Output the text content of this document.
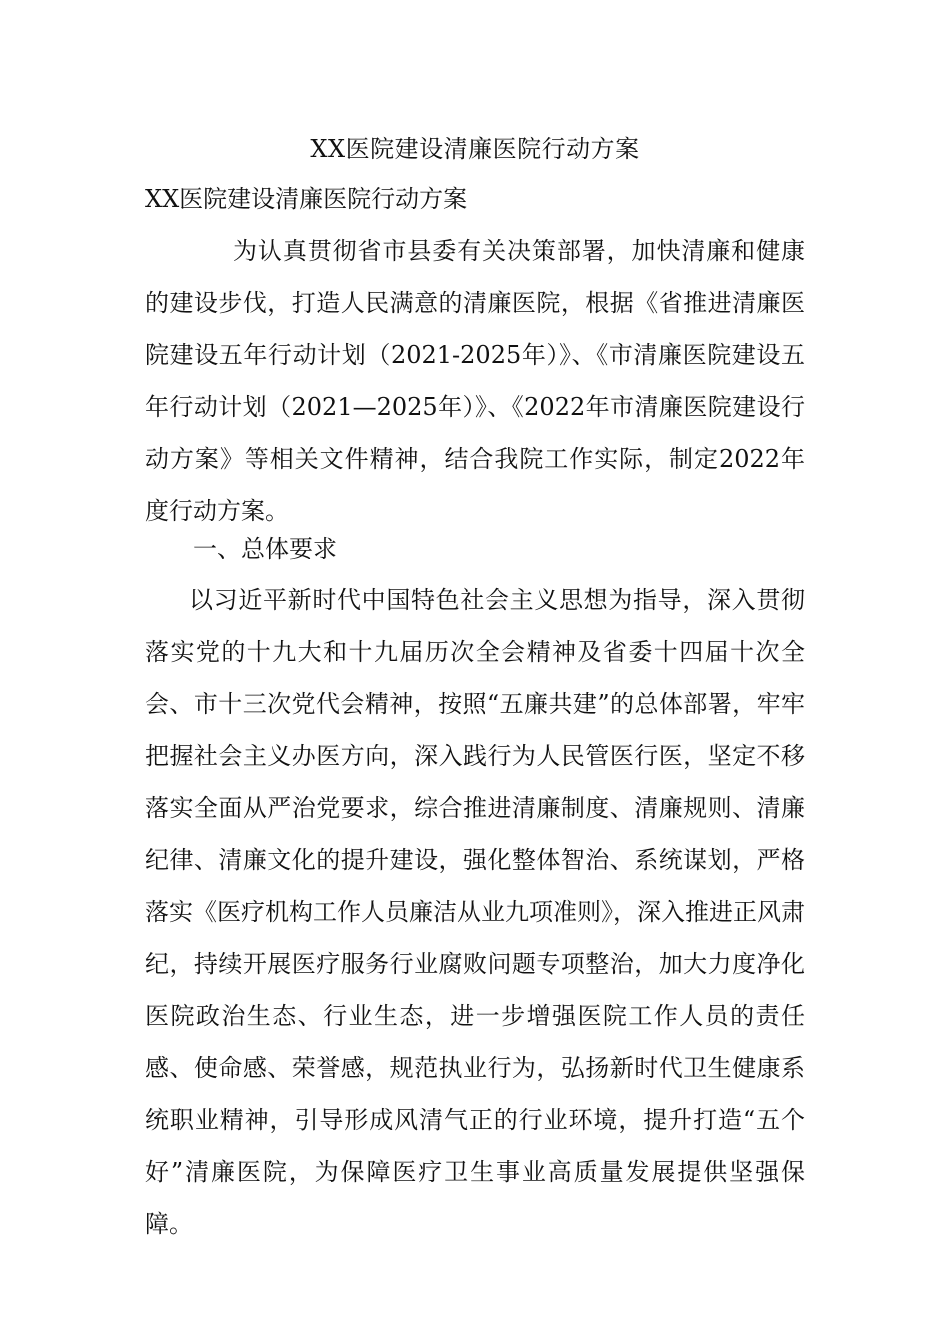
XX医院建设清廉医院行动方案
XX医院建设清廉医院行动方案
为认真贯彻省市县委有关决策部署，加快清廉和健康的建设步伐，打造人民满意的清廉医院，根据《省推进清廉医院建设五年行动计划（2021-2025年）》、《市清廉医院建设五年行动计划（2021—2025年）》、《2022年市清廉医院建设行动方案》等相关文件精神，结合我院工作实际，制定2022年度行动方案。
一、总体要求
以习近平新时代中国特色社会主义思想为指导，深入贯彻落实党的十九大和十九届历次全会精神及省委十四届十次全会、市十三次党代会精神，按照“五廉共建”的总体部署，牢牢把握社会主义办医方向，深入践行为人民管医行医，坚定不移落实全面从严治党要求，综合推进清廉制度、清廉规则、清廉纪律、清廉文化的提升建设，强化整体智治、系统谋划，严格落实《医疗机构工作人员廉洁从业九项准则》，深入推进正风肃纪，持续开展医疗服务行业腐败问题专项整治，加大力度净化医院政治生态、行业生态，进一步增强医院工作人员的责任感、使命感、荣誉感，规范执业行为，弘扬新时代卫生健康系统职业精神，引导形成风清气正的行业环境，提升打造“五个好”清廉医院，为保障医疗卫生事业高质量发展提供坚强保障。
